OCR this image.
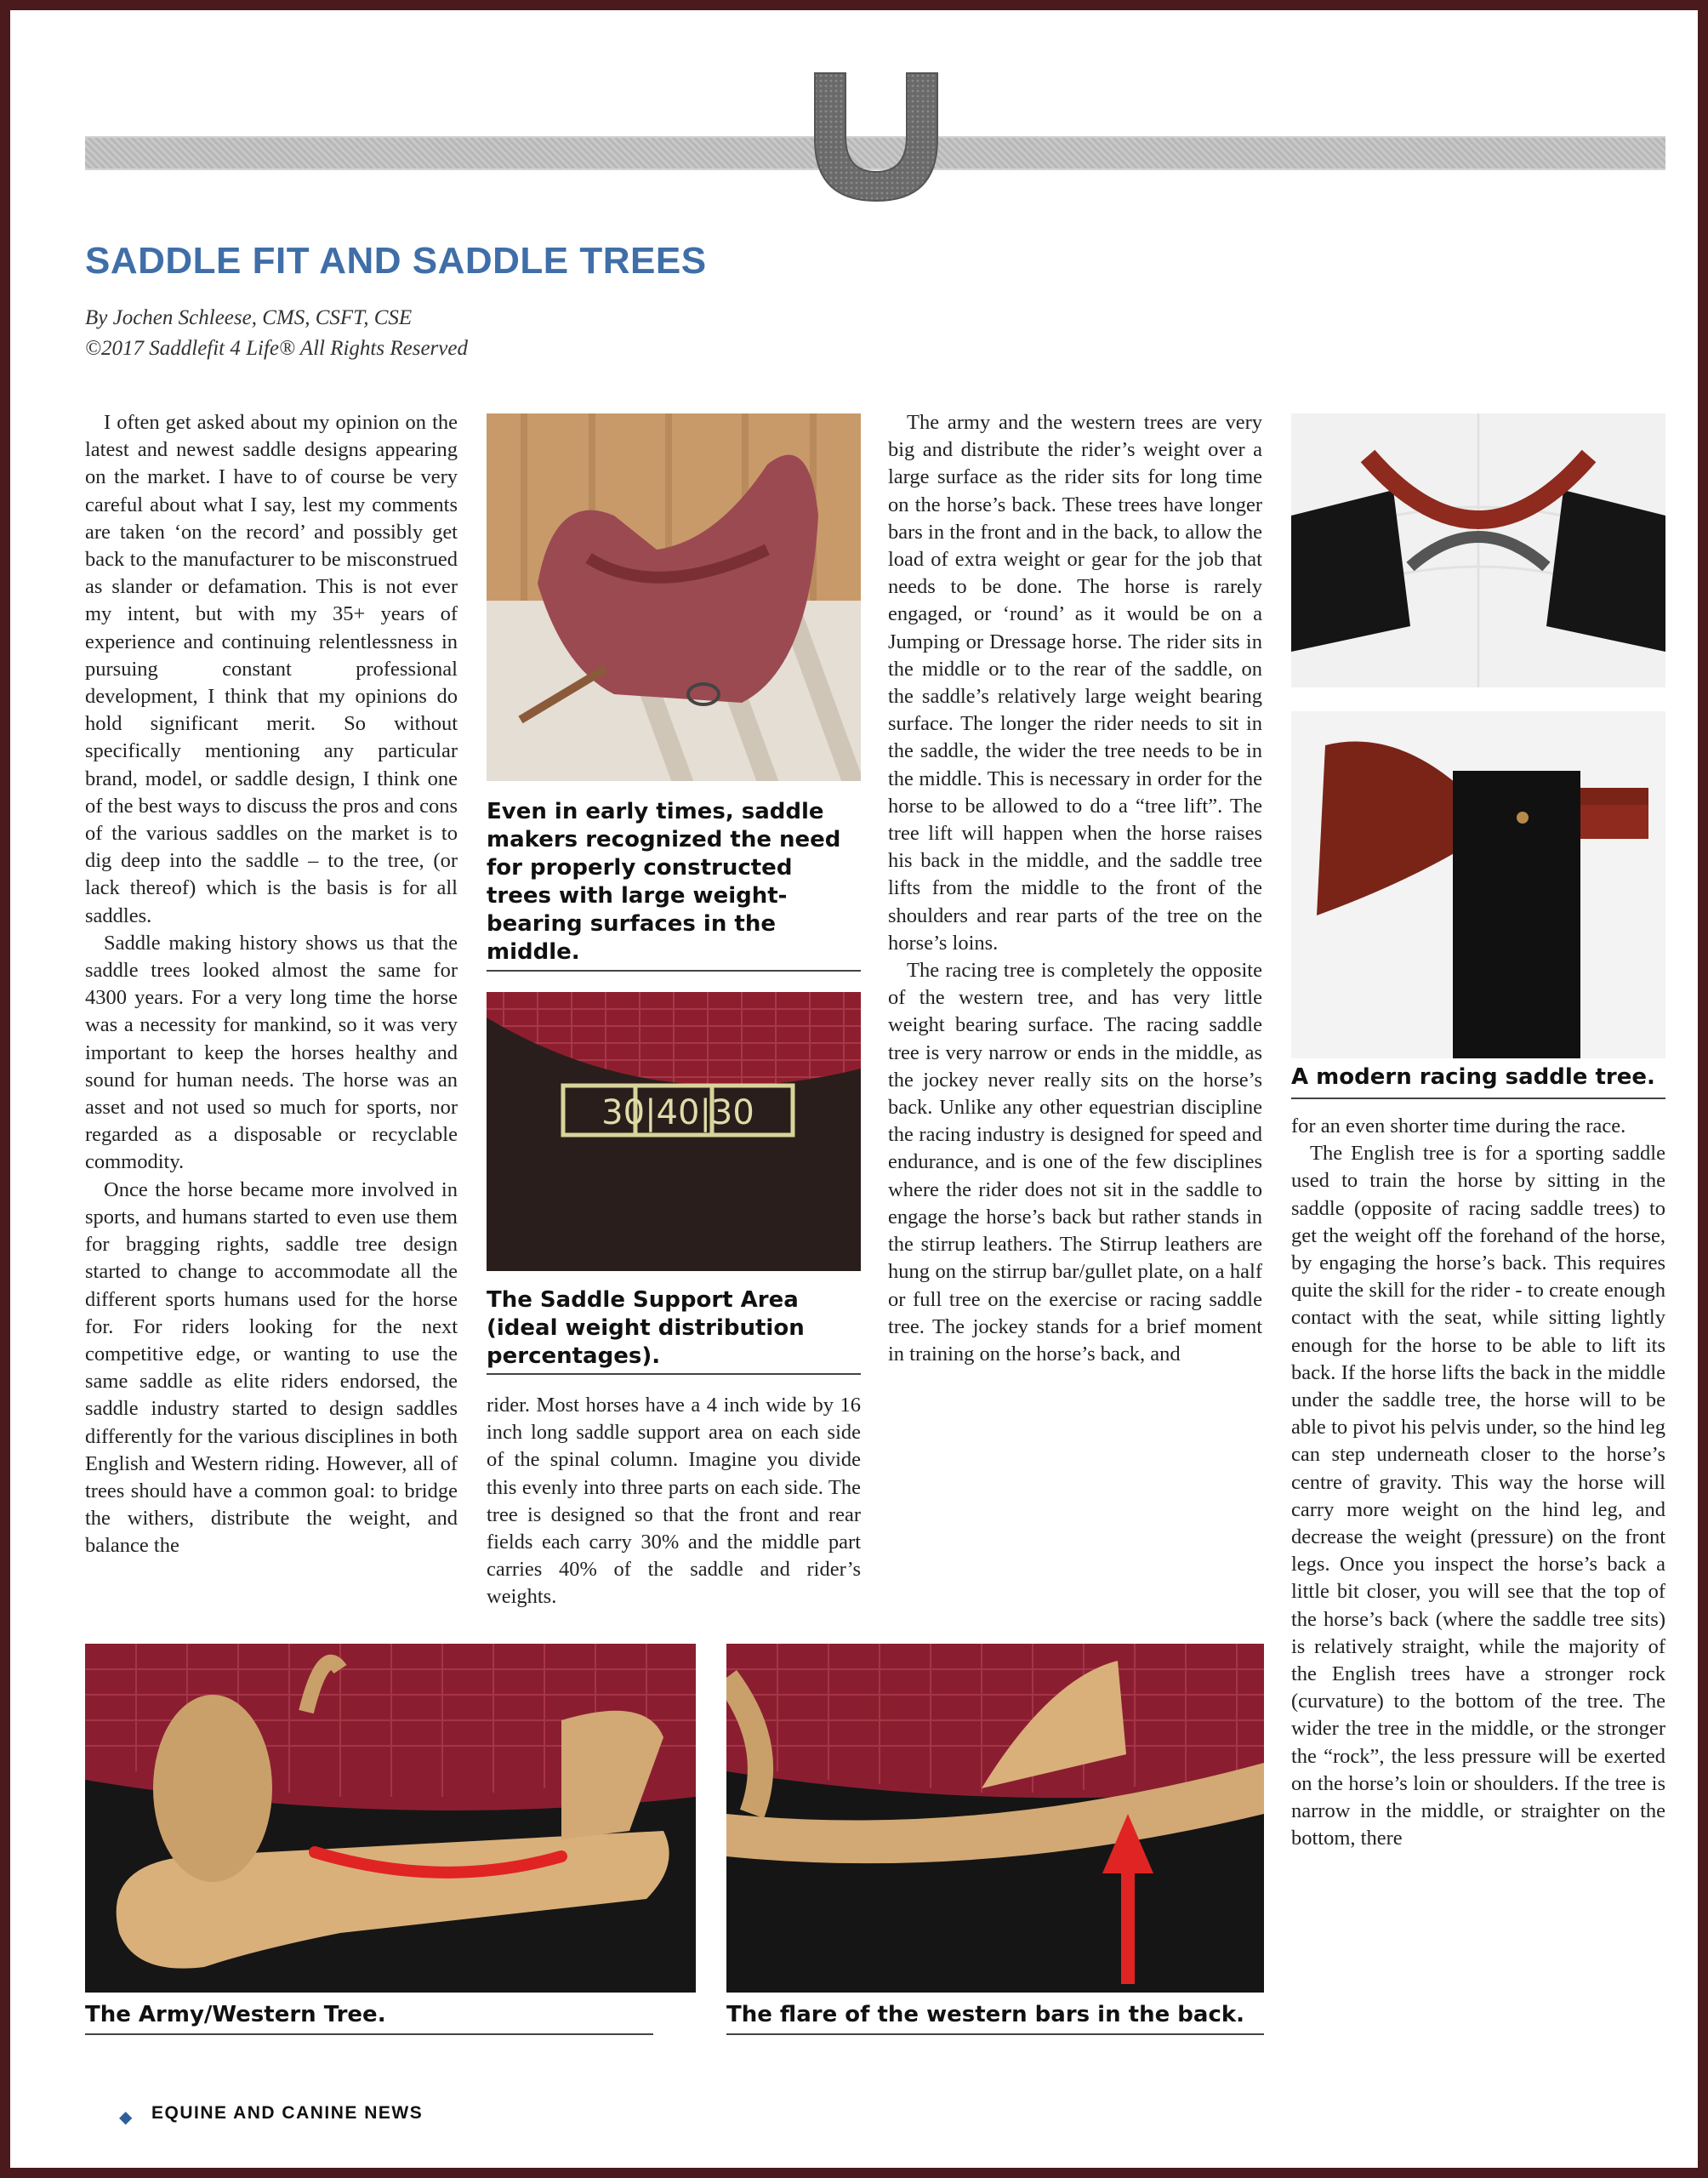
SADDLE FIT AND SADDLE TREES
By Jochen Schleese, CMS, CSFT, CSE
©2017 Saddlefit 4 Life® All Rights Reserved

I often get asked about my opinion on the latest and newest saddle designs appearing on the market. I have to of course be very careful about what I say, lest my comments are taken ‘on the record’ and possibly get back to the manufacturer to be misconstrued as slander or defamation. This is not ever my intent, but with my 35+ years of experience and continuing relentlessness in pursuing constant professional development, I think that my opinions do hold significant merit. So without specifically mentioning any particular brand, model, or saddle design, I think one of the best ways to discuss the pros and cons of the various saddles on the market is to dig deep into the saddle – to the tree, (or lack thereof) which is the basis is for all saddles.

Saddle making history shows us that the saddle trees looked almost the same for 4300 years. For a very long time the horse was a necessity for mankind, so it was very important to keep the horses healthy and sound for human needs. The horse was an asset and not used so much for sports, nor regarded as a disposable or recyclable commodity.

Once the horse became more involved in sports, and humans started to even use them for bragging rights, saddle tree design started to change to accommodate all the different sports humans used for the horse for. For riders looking for the next competitive edge, or wanting to use the same saddle as elite riders endorsed, the saddle industry started to design saddles differently for the various disciplines in both English and Western riding. However, all of trees should have a common goal: to bridge the withers, distribute the weight, and balance the

Even in early times, saddle makers recognized the need for properly constructed trees with large weight-bearing surfaces in the middle.
30|40|30
The Saddle Support Area (ideal weight distribution percentages).

rider. Most horses have a 4 inch wide by 16 inch long saddle support area on each side of the spinal column. Imagine you divide this evenly into three parts on each side. The tree is designed so that the front and rear fields each carry 30% and the middle part carries 40% of the saddle and rider’s weights.

The army and the western trees are very big and distribute the rider’s weight over a large surface as the rider sits for long time on the horse’s back. These trees have longer bars in the front and in the back, to allow the load of extra weight or gear for the job that needs to be done. The horse is rarely engaged, or ‘round’ as it would be on a Jumping or Dressage horse. The rider sits in the middle or to the rear of the saddle, on the saddle’s relatively large weight bearing surface. The longer the rider needs to sit in the saddle, the wider the tree needs to be in the middle. This is necessary in order for the horse to be allowed to do a “tree lift”. The tree lift will happen when the horse raises his back in the middle, and the saddle tree lifts from the middle to the front of the shoulders and rear parts of the tree on the horse’s loins.

The racing tree is completely the opposite of the western tree, and has very little weight bearing surface. The racing saddle tree is very narrow or ends in the middle, as the jockey never really sits on the horse’s back. Unlike any other equestrian discipline the racing industry is designed for speed and endurance, and is one of the few disciplines where the rider does not sit in the saddle to engage the horse’s back but rather stands in the stirrup leathers. The Stirrup leathers are hung on the stirrup bar/gullet plate, on a half or full tree on the exercise or racing saddle tree. The jockey stands for a brief moment in training on the horse’s back, and

A modern racing saddle tree.

for an even shorter time during the race.

The English tree is for a sporting saddle used to train the horse by sitting in the saddle (opposite of racing saddle trees) to get the weight off the forehand of the horse, by engaging the horse’s back. This requires quite the skill for the rider - to create enough contact with the seat, while sitting lightly enough for the horse to be able to lift its back. If the horse lifts the back in the middle under the saddle tree, the horse will to be able to pivot his pelvis under, so the hind leg can step underneath closer to the horse’s centre of gravity. This way the horse will carry more weight on the hind leg, and decrease the weight (pressure) on the front legs. Once you inspect the horse’s back a little bit closer, you will see that the top of the horse’s back (where the saddle tree sits) is relatively straight, while the majority of the English trees have a stronger rock (curvature) to the bottom of the tree. The wider the tree in the middle, or the stronger the “rock”, the less pressure will be exerted on the horse’s loin or shoulders. If the tree is narrow in the middle, or straighter on the bottom, there

The Army/Western Tree.	The flare of the western bars in the back.
◆ EQUINE AND CANINE NEWS
